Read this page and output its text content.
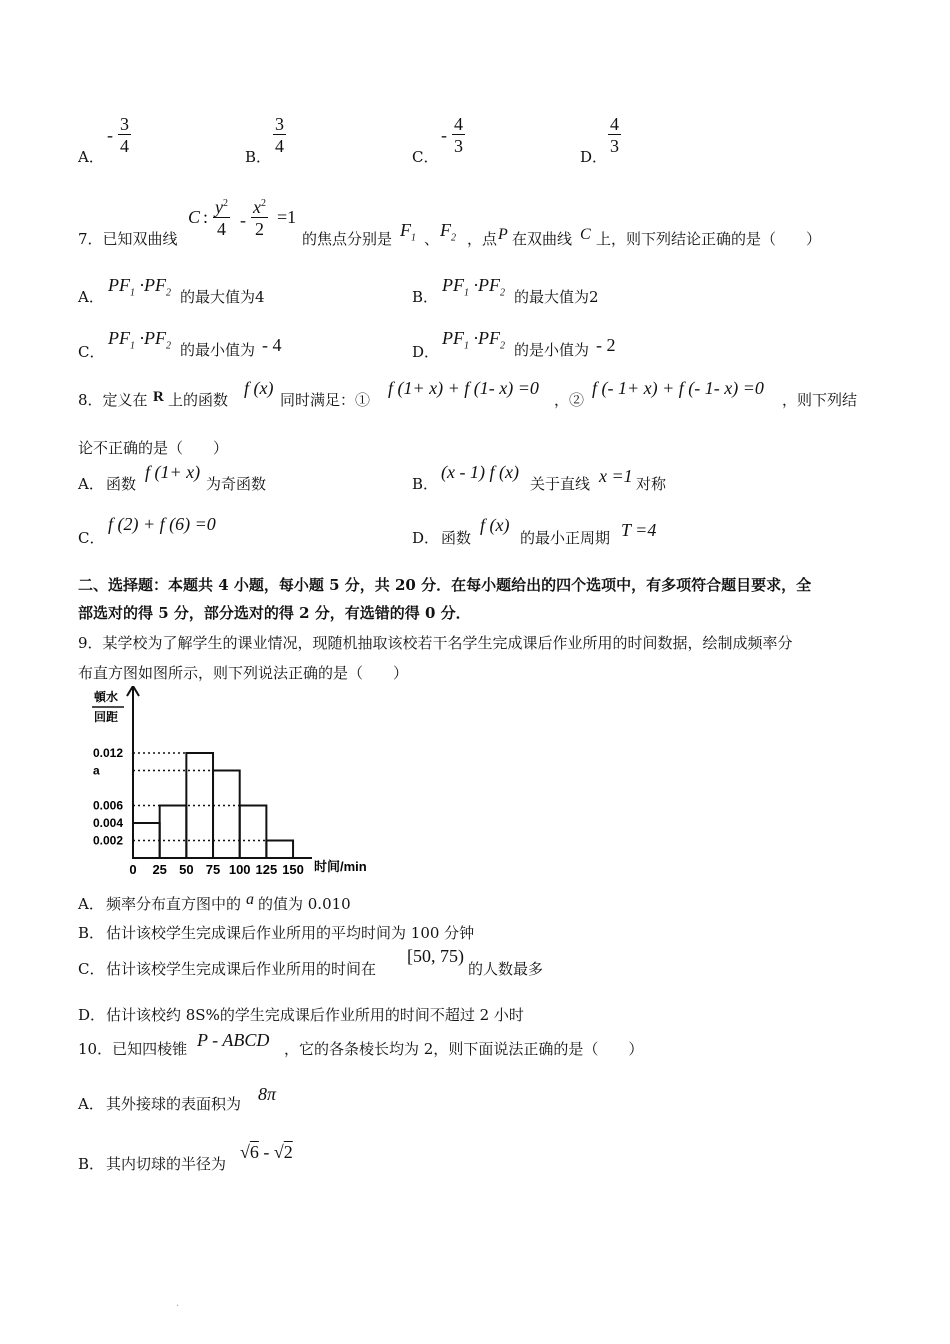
A．
- $\frac{3}{4}$	B． $\frac{3}{4}$	C．
- $\frac{4}{3}$	D． $\frac{4}{3}$
7．已知双曲线
C : $\frac{y^2}{4} - \frac{x^2}{2} =1$
的焦点分别是 $F_1$ 、 $F_2$ ，点 P 在双曲线 C 上，则下列结论正确的是（　　）
A．
$PF_1 \cdot PF_2$ 的最大值为4	B．
$PF_1 \cdot PF_2$ 的最大值为2
C．
$PF_1 \cdot PF_2$ 的最小值为 - 4	D．
$PF_1 \cdot PF_2$ 的是小值为 - 2
8．定义在 R 上的函数
f (x)
同时满足：①
f (1+ x) + f (1- x) =0
，②
f (- 1+ x) + f (- 1- x) =0
，则下列结
论不正确的是（　　）
A． 函数
f (1+ x)
为奇函数	B．
(x - 1) f (x)
关于直线 x =1 对称
C．
f (2) + f (6) =0
D． 函数
f (x)
的最小正周期 T =4
二、选择题：本题共 4 小题，每小题 5 分，共 20 分．在每小题给出的四个选项中，有多项符合题目要求，全
部选对的得 5 分，部分选对的得 2 分，有选错的得 0 分．
9．某学校为了解学生的课业情况，现随机抽取该校若干名学生完成课后作业所用的时间数据，绘制成频率分
布直方图如图所示，则下列说法正确的是（　　）
頓水
回距
时间/min
0.012
a
0.006
0.004
0.002
0 25 50 75 100 125 150
A． 频率分布直方图中的 a 的值为 0.010
B． 估计该校学生完成课后作业所用的平均时间为 100 分钟
C． 估计该校学生完成课后作业所用的时间在
[50, 75)
的人数最多
D． 估计该校约 8S%的学生完成课后作业所用的时间不超过 2 小时
10．已知四棱锥 P - ABCD ，它的各条棱长均为 2，则下面说法正确的是（　　）
A． 其外接球的表面积为 8π
B． 其内切球的半径为
√6 - √2
.
